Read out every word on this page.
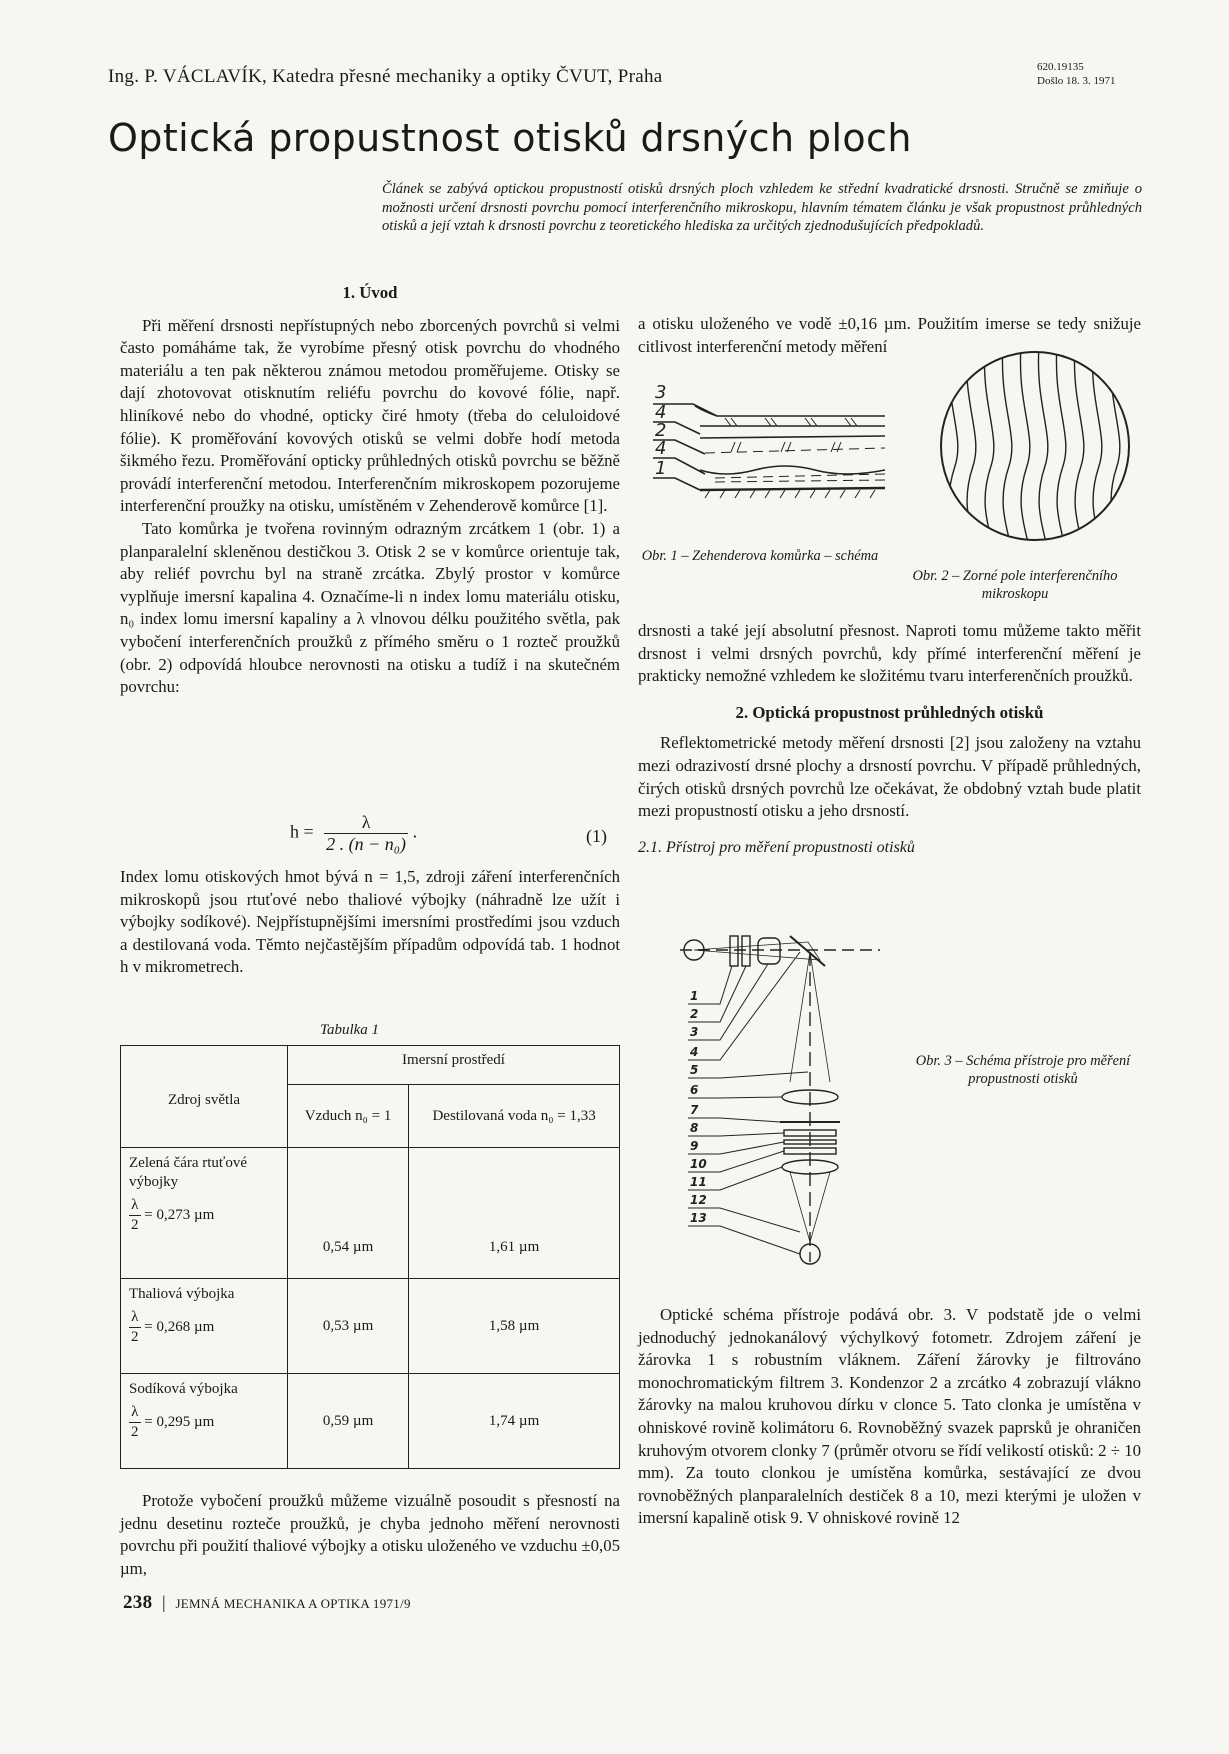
Ing. P. VÁCLAVÍK, Katedra přesné mechaniky a optiky ČVUT, Praha	620.19135
Došlo 18. 3. 1971
Optická propustnost otisků drsných ploch
Článek se zabývá optickou propustností otisků drsných ploch vzhledem ke střední kvadratické drsnosti. Stručně se zmiňuje o možnosti určení drsnosti povrchu pomocí interferenčního mikroskopu, hlavním tématem článku je však propustnost průhledných otisků a její vztah k drsnosti povrchu z teoretického hlediska za určitých zjednodušujících předpokladů.
1. Úvod

Při měření drsnosti nepřístupných nebo zborcených povrchů si velmi často pomáháme tak, že vyrobíme přesný otisk povrchu do vhodného materiálu a ten pak některou známou metodou proměřujeme. Otisky se dají zhotovovat otisknutím reliéfu povrchu do kovové fólie, např. hliníkové nebo do vhodné, opticky čiré hmoty (třeba do celuloidové fólie). K proměřování kovových otisků se velmi dobře hodí metoda šikmého řezu. Proměřování opticky průhledných otisků povrchu se běžně provádí interferenční metodou. Interferenčním mikroskopem pozorujeme interferenční proužky na otisku, umístěném v Zehenderově komůrce [1].

Tato komůrka je tvořena rovinným odrazným zrcátkem 1 (obr. 1) a planparalelní skleněnou destičkou 3. Otisk 2 se v komůrce orientuje tak, aby reliéf povrchu byl na straně zrcátka. Zbylý prostor v komůrce vyplňuje imersní kapalina 4. Označíme-li n index lomu materiálu otisku, n₀ index lomu imersní kapaliny a λ vlnovou délku použitého světla, pak vybočení interferenčních proužků z přímého směru o 1 rozteč proužků (obr. 2) odpovídá hloubce nerovnosti na otisku a tudíž i na skutečném povrchu:

$h = \frac{\lambda}{\text{2 . (n − n₀)}}$ .	(1)

Index lomu otiskových hmot bývá n = 1,5, zdroji záření interferenčních mikroskopů jsou rtuťové nebo thaliové výbojky (náhradně lze užít i výbojky sodíkové). Nejpřístupnějšími imersními prostředími jsou vzduch a destilovaná voda. Těmto nejčastějším případům odpovídá tab. 1 hodnot h v mikrometrech.

Tabulka 1
Zdroj světla	Imersní prostředí	
	Vzduch n₀ = 1	Destilovaná voda n₀ = 1,33

Zelená čára rtuťové výbojky
$\frac{\lambda}{2} = 0,273$ µm	0,54 µm	1,61 µm

Thaliová výbojka
$\frac{\lambda}{2} = 0,268$ µm	0,53 µm	1,58 µm

Sodíková výbojka
$\frac{\lambda}{2} = 0,295$ µm	0,59 µm	1,74 µm

Protože vybočení proužků můžeme vizuálně posoudit s přesností na jednu desetinu rozteče proužků, je chyba jednoho měření nerovnosti povrchu při použití thaliové výbojky a otisku uloženého ve vzduchu ±0,05 µm,

a otisku uloženého ve vodě ±0,16 µm. Použitím imerse se tedy snižuje citlivost interferenční metody měření

3
4
2
4
1
Obr. 1 – Zehenderova komůrka – schéma
Obr. 2 – Zorné pole interferenčního mikroskopu

drsnosti a také její absolutní přesnost. Naproti tomu můžeme takto měřit drsnost i velmi drsných povrchů, kdy přímé interferenční měření je prakticky nemožné vzhledem ke složitému tvaru interferenčních proužků.

2. Optická propustnost průhledných otisků

Reflektometrické metody měření drsnosti [2] jsou založeny na vztahu mezi odrazivostí drsné plochy a drsností povrchu. V případě průhledných, čirých otisků drsných povrchů lze očekávat, že obdobný vztah bude platit mezi propustností otisku a jeho drsností.

2.1. Přístroj pro měření propustnosti otisků
1
2
3
4
5
6
7
8
9
10
11
12
13
Obr. 3 – Schéma přístroje pro měření propustnosti otisků

Optické schéma přístroje podává obr. 3. V podstatě jde o velmi jednoduchý jednokanálový výchylkový fotometr. Zdrojem záření je žárovka 1 s robustním vláknem. Záření žárovky je filtrováno monochromatickým filtrem 3. Kondenzor 2 a zrcátko 4 zobrazují vlákno žárovky na malou kruhovou dírku v clonce 5. Tato clonka je umístěna v ohniskové rovině kolimátoru 6. Rovnoběžný svazek paprsků je ohraničen kruhovým otvorem clonky 7 (průměr otvoru se řídí velikostí otisků: 2 ÷ 10 mm). Za touto clonkou je umístěna komůrka, sestávající ze dvou rovnoběžných planparalelních destiček 8 a 10, mezi kterými je uložen v imersní kapalině otisk 9. V ohniskové rovině 12

238 | JEMNÁ MECHANIKA A OPTIKA 1971/9
